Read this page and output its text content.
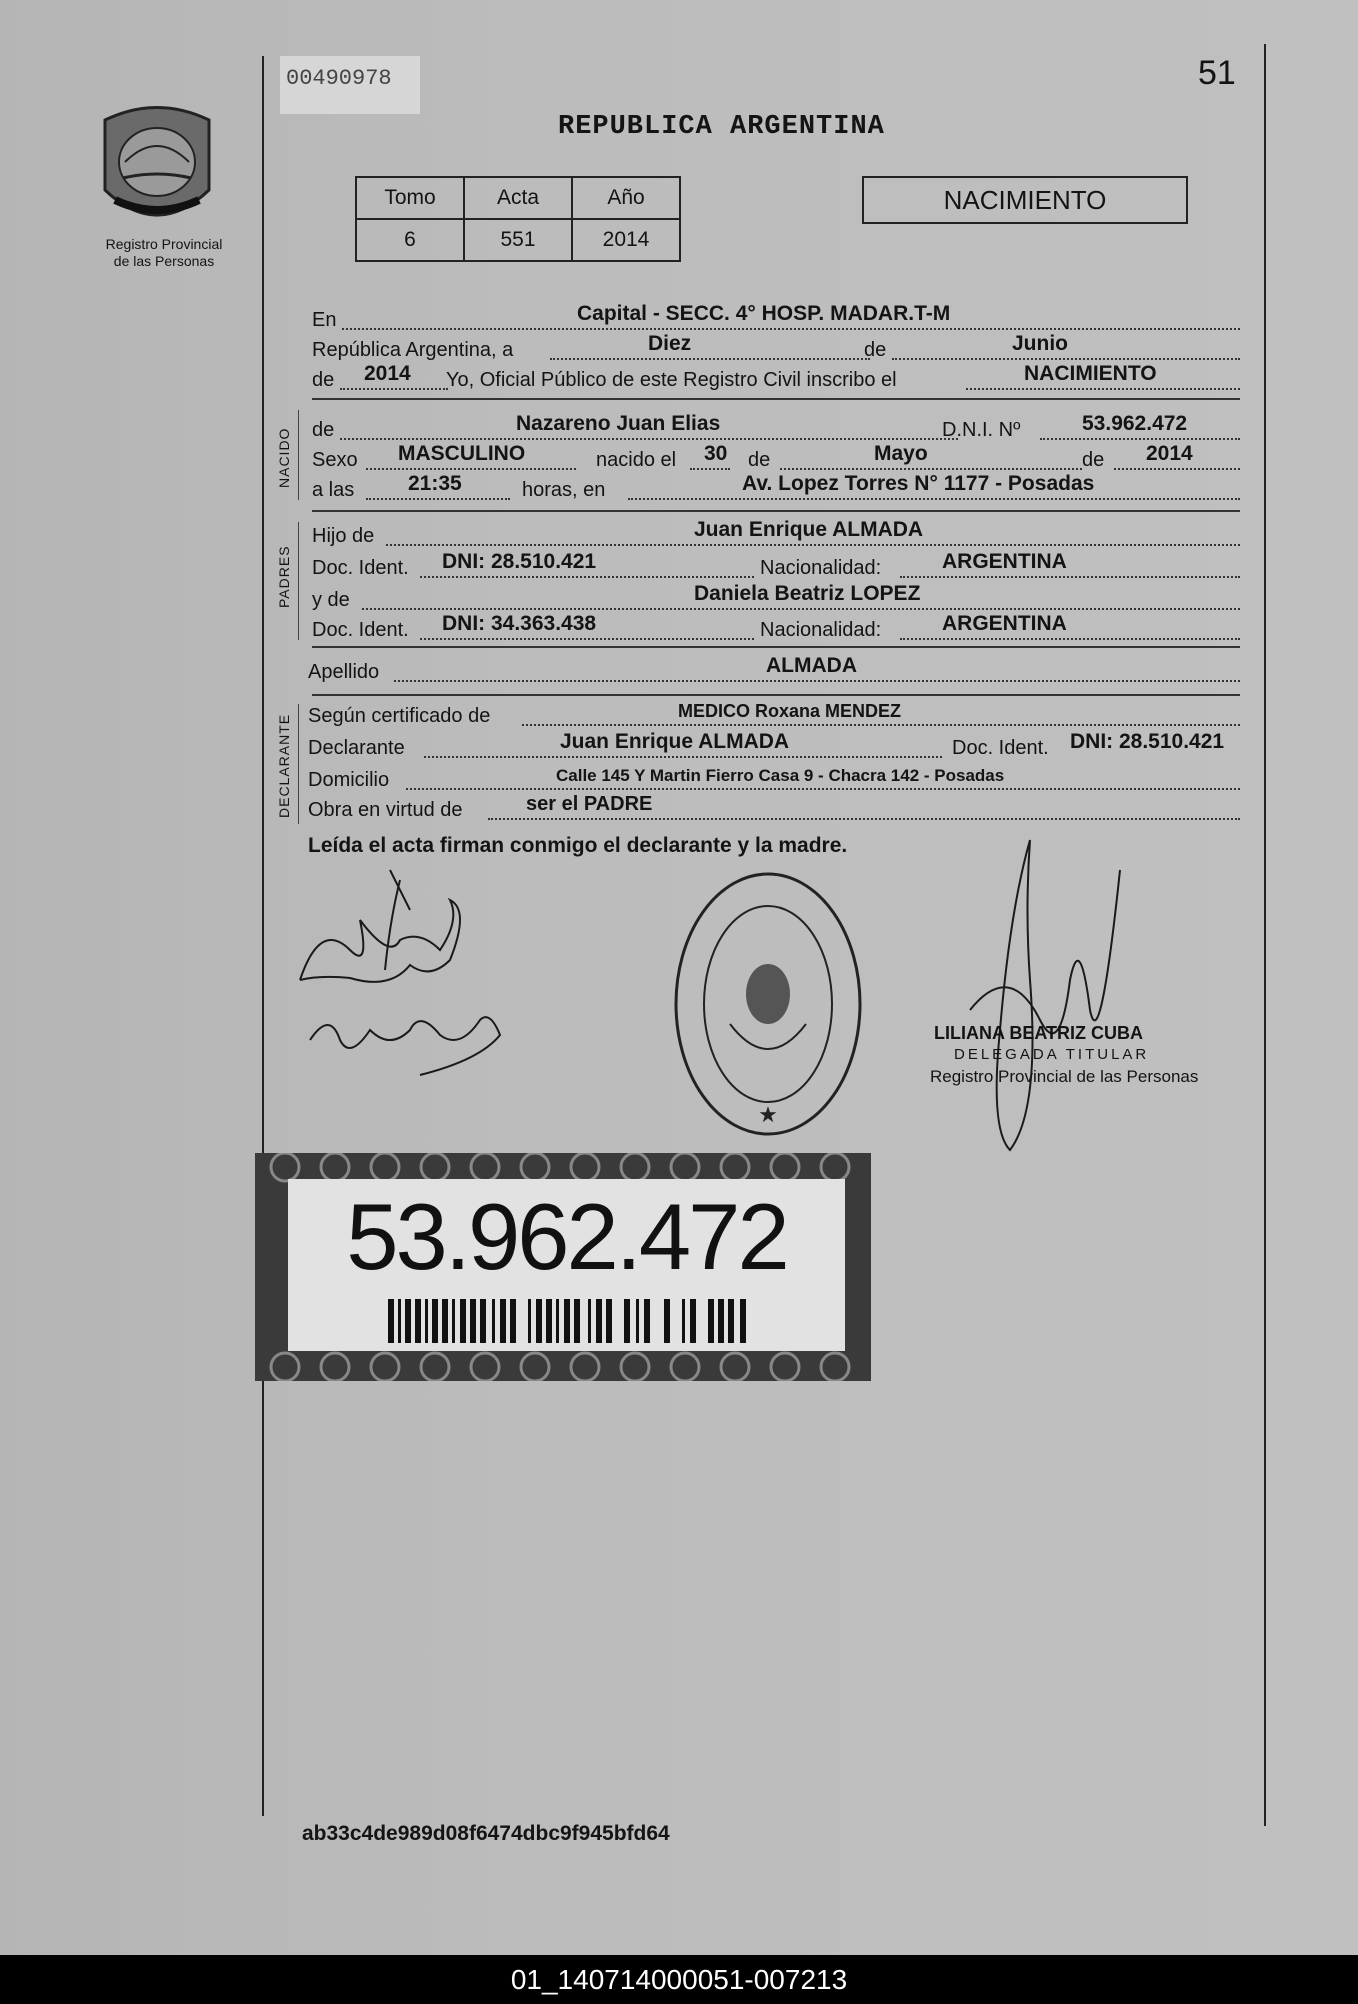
00490978	51
REPUBLICA ARGENTINA
Registro Provincial
de las Personas
Tomo	Acta	Año
6	551	2014
NACIMIENTO
En	Capital - SECC. 4° HOSP. MADAR.T-M
República Argentina, a	Diez	de	Junio
de 2014 Yo, Oficial Público de este Registro Civil inscribo el	NACIMIENTO
NACIDO de	Nazareno Juan Elias	D.N.I. Nº	53.962.472
Sexo MASCULINO	nacido el 30 de	Mayo	de 2014
a las	21:35	horas, en	Av. Lopez Torres N° 1177 - Posadas
PADRES
Hijo de	Juan Enrique ALMADA
Doc. Ident. DNI: 28.510.421	Nacionalidad:	ARGENTINA
y de	Daniela Beatriz LOPEZ
Doc. Ident. DNI: 34.363.438	Nacionalidad:	ARGENTINA
Apellido	ALMADA
DECLARANTE Según certificado de	MEDICO Roxana MENDEZ
Declarante	Juan Enrique ALMADA	Doc. Ident. DNI: 28.510.421
Domicilio	Calle 145 Y Martin Fierro Casa 9 - Chacra 142 - Posadas
Obra en virtud de	ser el PADRE
Leída el acta firman conmigo el declarante y la madre.
★
LILIANA BEATRIZ CUBA
DELEGADA TITULAR
Registro Provincial de las Personas
53.962.472
ab33c4de989d08f6474dbc9f945bfd64
01_140714000051-007213
